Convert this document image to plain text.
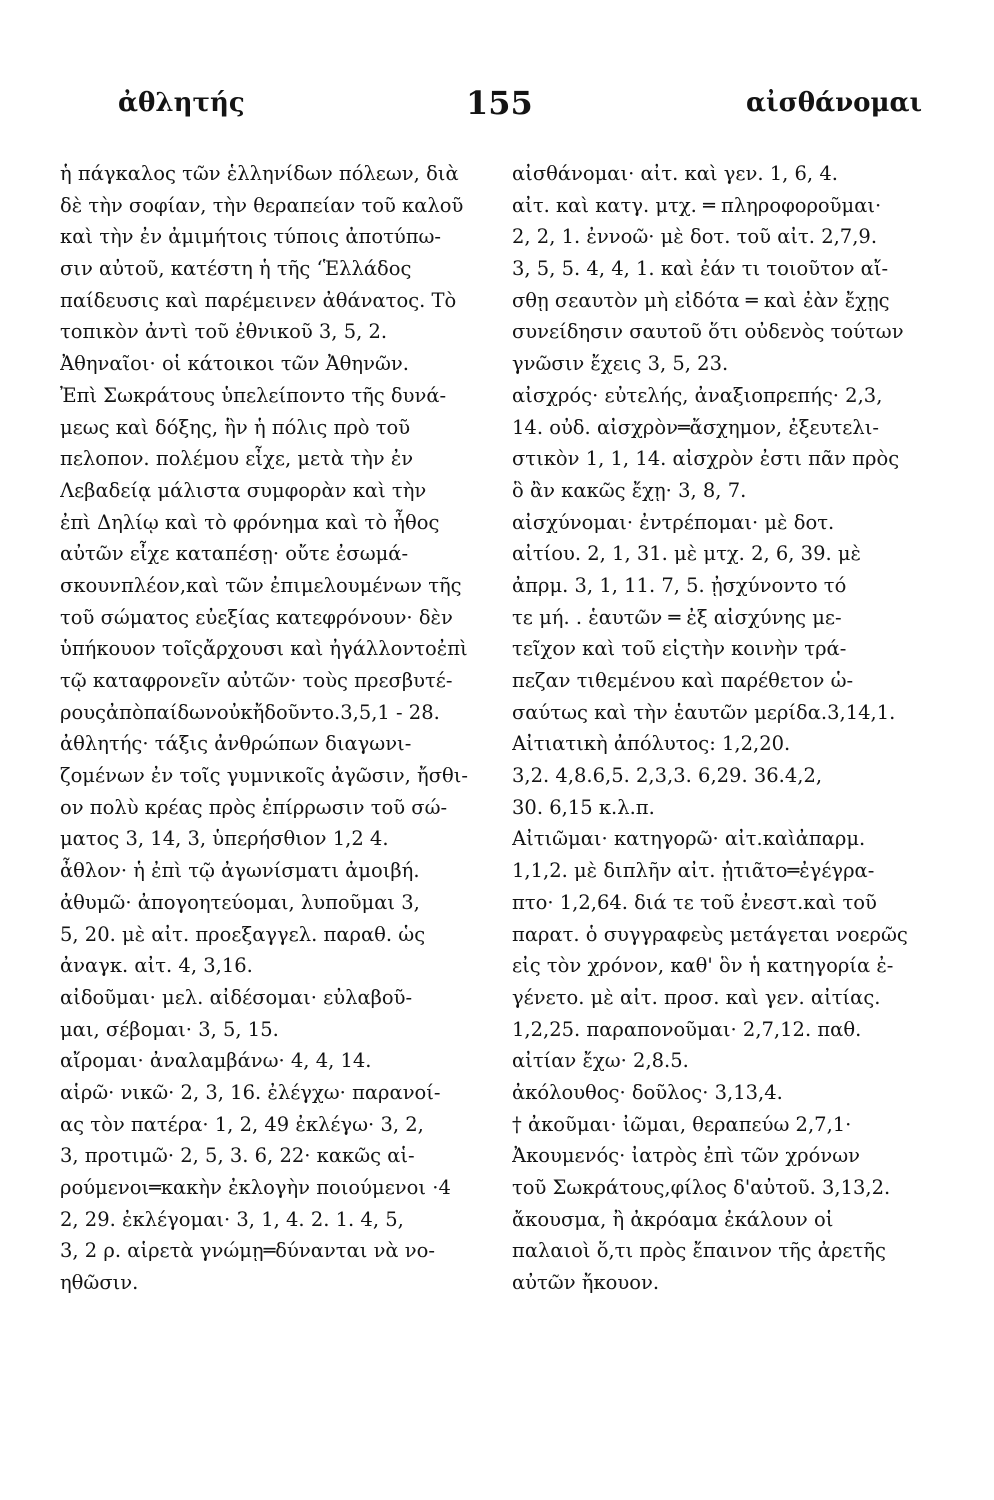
ἀθλητής	155	αἰσθάνομαι
ἡ πάγκαλος τῶν ἑλληνίδων πόλεων, διὰ
δὲ τὴν σοφίαν, τὴν θεραπείαν τοῦ καλοῦ
καὶ τὴν ἐν ἀμιμήτοις τύποις ἀποτύπω-
σιν αὐτοῦ, κατέστη ἡ τῆς ‘Ἑλλάδος
παίδευσις καὶ παρέμεινεν ἀθάνατος. Τὸ
τοπικὸν ἀντὶ τοῦ ἐθνικοῦ 3, 5, 2.
Ἀθηναῖοι· οἱ κάτοικοι τῶν Ἀθηνῶν.
Ἐπὶ Σωκράτους ὑπελείποντο τῆς δυνά-
μεως καὶ δόξης, ἣν ἡ πόλις πρὸ τοῦ
πελοπον. πολέμου εἶχε, μετὰ τὴν ἐν
Λεβαδείᾳ μάλιστα συμφορὰν καὶ τὴν
ἐπὶ Δηλίῳ καὶ τὸ φρόνημα καὶ τὸ ἦθος
αὐτῶν εἶχε καταπέσῃ· οὔτε ἐσωμά-
σκουνπλέον,καὶ τῶν ἐπιμελουμένων τῆς
τοῦ σώματος εὐεξίας κατεφρόνουν· δὲν
ὑπήκουον τοῖςἄρχουσι καὶ ἠγάλλοντοἐπὶ
τῷ καταφρονεῖν αὐτῶν· τοὺς πρεσβυτέ-
ρουςἀπὸπαίδωνοὐκἤδοῦντο.3,5,1 - 28.
ἀθλητής· τάξις ἀνθρώπων διαγωνι-
ζομένων ἐν τοῖς γυμνικοῖς ἀγῶσιν, ἤσθι-
ον πολὺ κρέας πρὸς ἐπίρρωσιν τοῦ σώ-
ματος 3, 14, 3, ὑπερήσθιον 1,2 4.
ἆθλον· ἡ ἐπὶ τῷ ἀγωνίσματι ἀμοιβή.
ἀθυμῶ· ἀπογοητεύομαι, λυποῦμαι 3,
5, 20. μὲ αἰτ. προεξαγγελ. παραθ. ὡς
ἀναγκ. αἰτ. 4, 3,16.
αἰδοῦμαι· μελ. αἰδέσομαι· εὐλαβοῦ-
μαι, σέβομαι· 3, 5, 15.
αἴρομαι· ἀναλαμβάνω· 4, 4, 14.
αἱρῶ· νικῶ· 2, 3, 16. ἐλέγχω· παρανοί-
ας τὸν πατέρα· 1, 2, 49 ἐκλέγω· 3, 2,
3, προτιμῶ· 2, 5, 3. 6, 22· κακῶς αἱ-
ρούμενοι═κακὴν ἐκλογὴν ποιούμενοι ·4
2, 29. ἐκλέγομαι· 3, 1, 4. 2. 1. 4, 5,
3, 2 ρ. αἱρετὰ γνώμῃ═δύνανται νὰ νο-
ηθῶσιν.
αἰσθάνομαι· αἰτ. καὶ γεν. 1, 6, 4.
αἰτ. καὶ κατγ. μτχ. ═ πληροφοροῦμαι·
2, 2, 1. ἐννοῶ· μὲ δοτ. τοῦ αἰτ. 2,7,9.
3, 5, 5. 4, 4, 1. καὶ ἐάν τι τοιοῦτον αἴ-
σθῃ σεαυτὸν μὴ εἰδότα ═ καὶ ἐὰν ἔχῃς
συνείδησιν σαυτοῦ ὅτι οὐδενὸς τούτων
γνῶσιν ἔχεις 3, 5, 23.
αἰσχρός· εὐτελής, ἀναξιοπρεπής· 2,3,
14. οὐδ. αἰσχρὸν═ἄσχημον, ἐξευτελι-
στικὸν 1, 1, 14. αἰσχρὸν ἐστι πᾶν πρὸς
ὃ ἂν κακῶς ἔχῃ· 3, 8, 7.
αἰσχύνομαι· ἐντρέπομαι· μὲ δοτ.
αἰτίου. 2, 1, 31. μὲ μτχ. 2, 6, 39. μὲ
ἀπρμ. 3, 1, 11. 7, 5. ᾐσχύνοντο τό
τε μή. . ἑαυτῶν ═ ἐξ αἰσχύνης με-
τεῖχον καὶ τοῦ εἰςτὴν κοινὴν τρά-
πεζαν τιθεμένου καὶ παρέθετον ὡ-
σαύτως καὶ τὴν ἑαυτῶν μερίδα.3,14,1.
Αἰτιατικὴ ἀπόλυτος: 1,2,20.
3,2. 4,8.6,5. 2,3,3. 6,29. 36.4,2,
30. 6,15 κ.λ.π.
Αἰτιῶμαι· κατηγορῶ· αἰτ.καὶἀπαρμ.
1,1,2. μὲ διπλῆν αἰτ. ᾐτιᾶτο═ἐγέγρα-
πτο· 1,2,64. διά τε τοῦ ἐνεστ.καὶ τοῦ
παρατ. ὁ συγγραφεὺς μετάγεται νοερῶς
εἰς τὸν χρόνον, καθ' ὃν ἡ κατηγορία ἐ-
γένετο. μὲ αἰτ. προσ. καὶ γεν. αἰτίας.
1,2,25. παραπονοῦμαι· 2,7,12. παθ.
αἰτίαν ἔχω· 2,8.5.
ἀκόλουθος· δοῦλος· 3,13,4.
† ἀκοῦμαι· ἰῶμαι, θεραπεύω 2,7,1·
Ἀκουμενός· ἰατρὸς ἐπὶ τῶν χρόνων
τοῦ Σωκράτους,φίλος δ'αὐτοῦ. 3,13,2.
ἄκουσμα, ἢ ἀκρόαμα ἐκάλουν οἱ
παλαιοὶ ὅ,τι πρὸς ἔπαινον τῆς ἀρετῆς
αὐτῶν ἤκουον.
